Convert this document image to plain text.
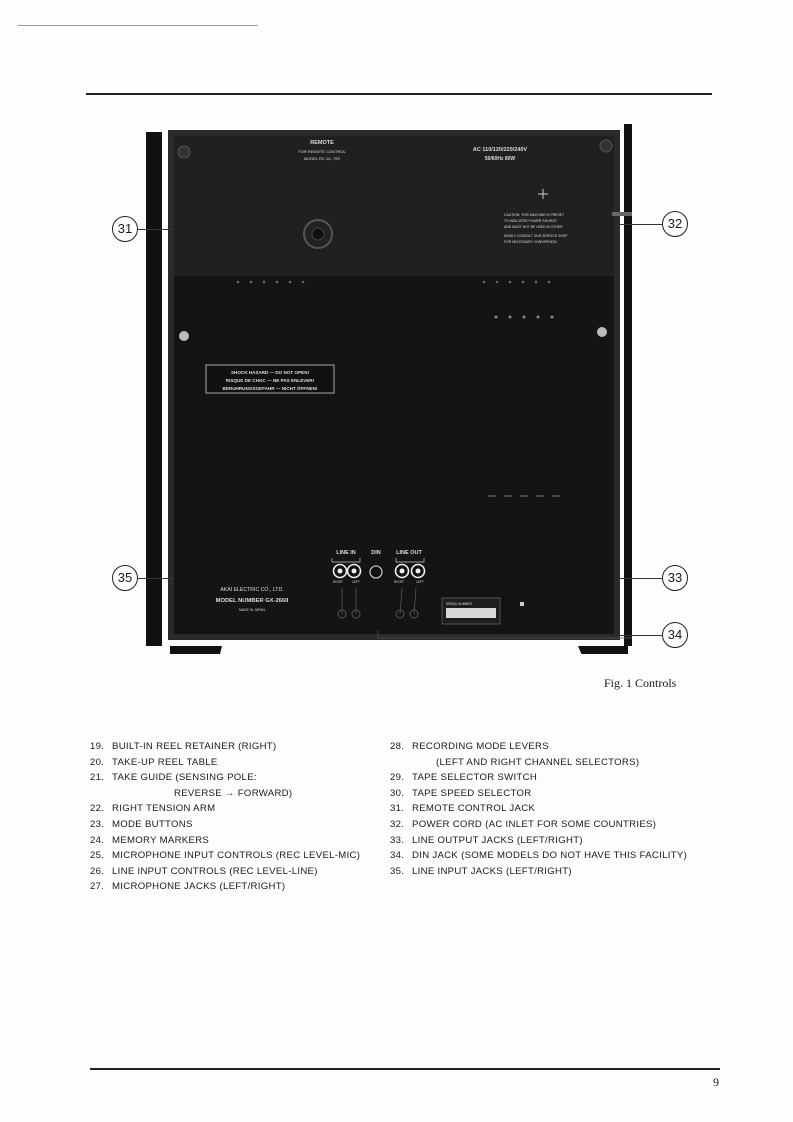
REMOTE
FOR REMOTE CONTROL
MODEL RC-16, 70R
AC 110/120/220/240V
50/60Hz 80W
CAUTION: THIS MACHINE IS PRESET
TO INDICATED POWER SOURCE
AND MUST NOT BE USED IN OTHER
KINDLY CONSULT OUR SERVICE SHOP
FOR NECESSARY CONVERSION
SHOCK HAZARD — DO NOT OPEN!
RISQUE DE CHOC — NE PAS ENLEVER!
BERUHRUNGSGEFAHR — NICHT ÖFFNEN!
LINE IN	DIN	LINE OUT
RIGHT	LEFT	RIGHT	LEFT
AKAI ELECTRIC CO., LTD.
MODEL NUMBER GX-266II
MADE IN JAPAN
SERIAL NUMBER
31	32
35	33
34
Fig. 1 Controls
19. BUILT-IN REEL RETAINER (RIGHT)
20. TAKE-UP REEL TABLE
21. TAKE GUIDE (SENSING POLE:
REVERSE → FORWARD)
22. RIGHT TENSION ARM
23. MODE BUTTONS
24. MEMORY MARKERS
25. MICROPHONE INPUT CONTROLS (REC LEVEL-MIC)
26. LINE INPUT CONTROLS (REC LEVEL-LINE)
27. MICROPHONE JACKS (LEFT/RIGHT)
28. RECORDING MODE LEVERS
(LEFT AND RIGHT CHANNEL SELECTORS)
29. TAPE SELECTOR SWITCH
30. TAPE SPEED SELECTOR
31. REMOTE CONTROL JACK
32. POWER CORD (AC INLET FOR SOME COUNTRIES)
33. LINE OUTPUT JACKS (LEFT/RIGHT)
34. DIN JACK (SOME MODELS DO NOT HAVE THIS FACILITY)
35. LINE INPUT JACKS (LEFT/RIGHT)
9
